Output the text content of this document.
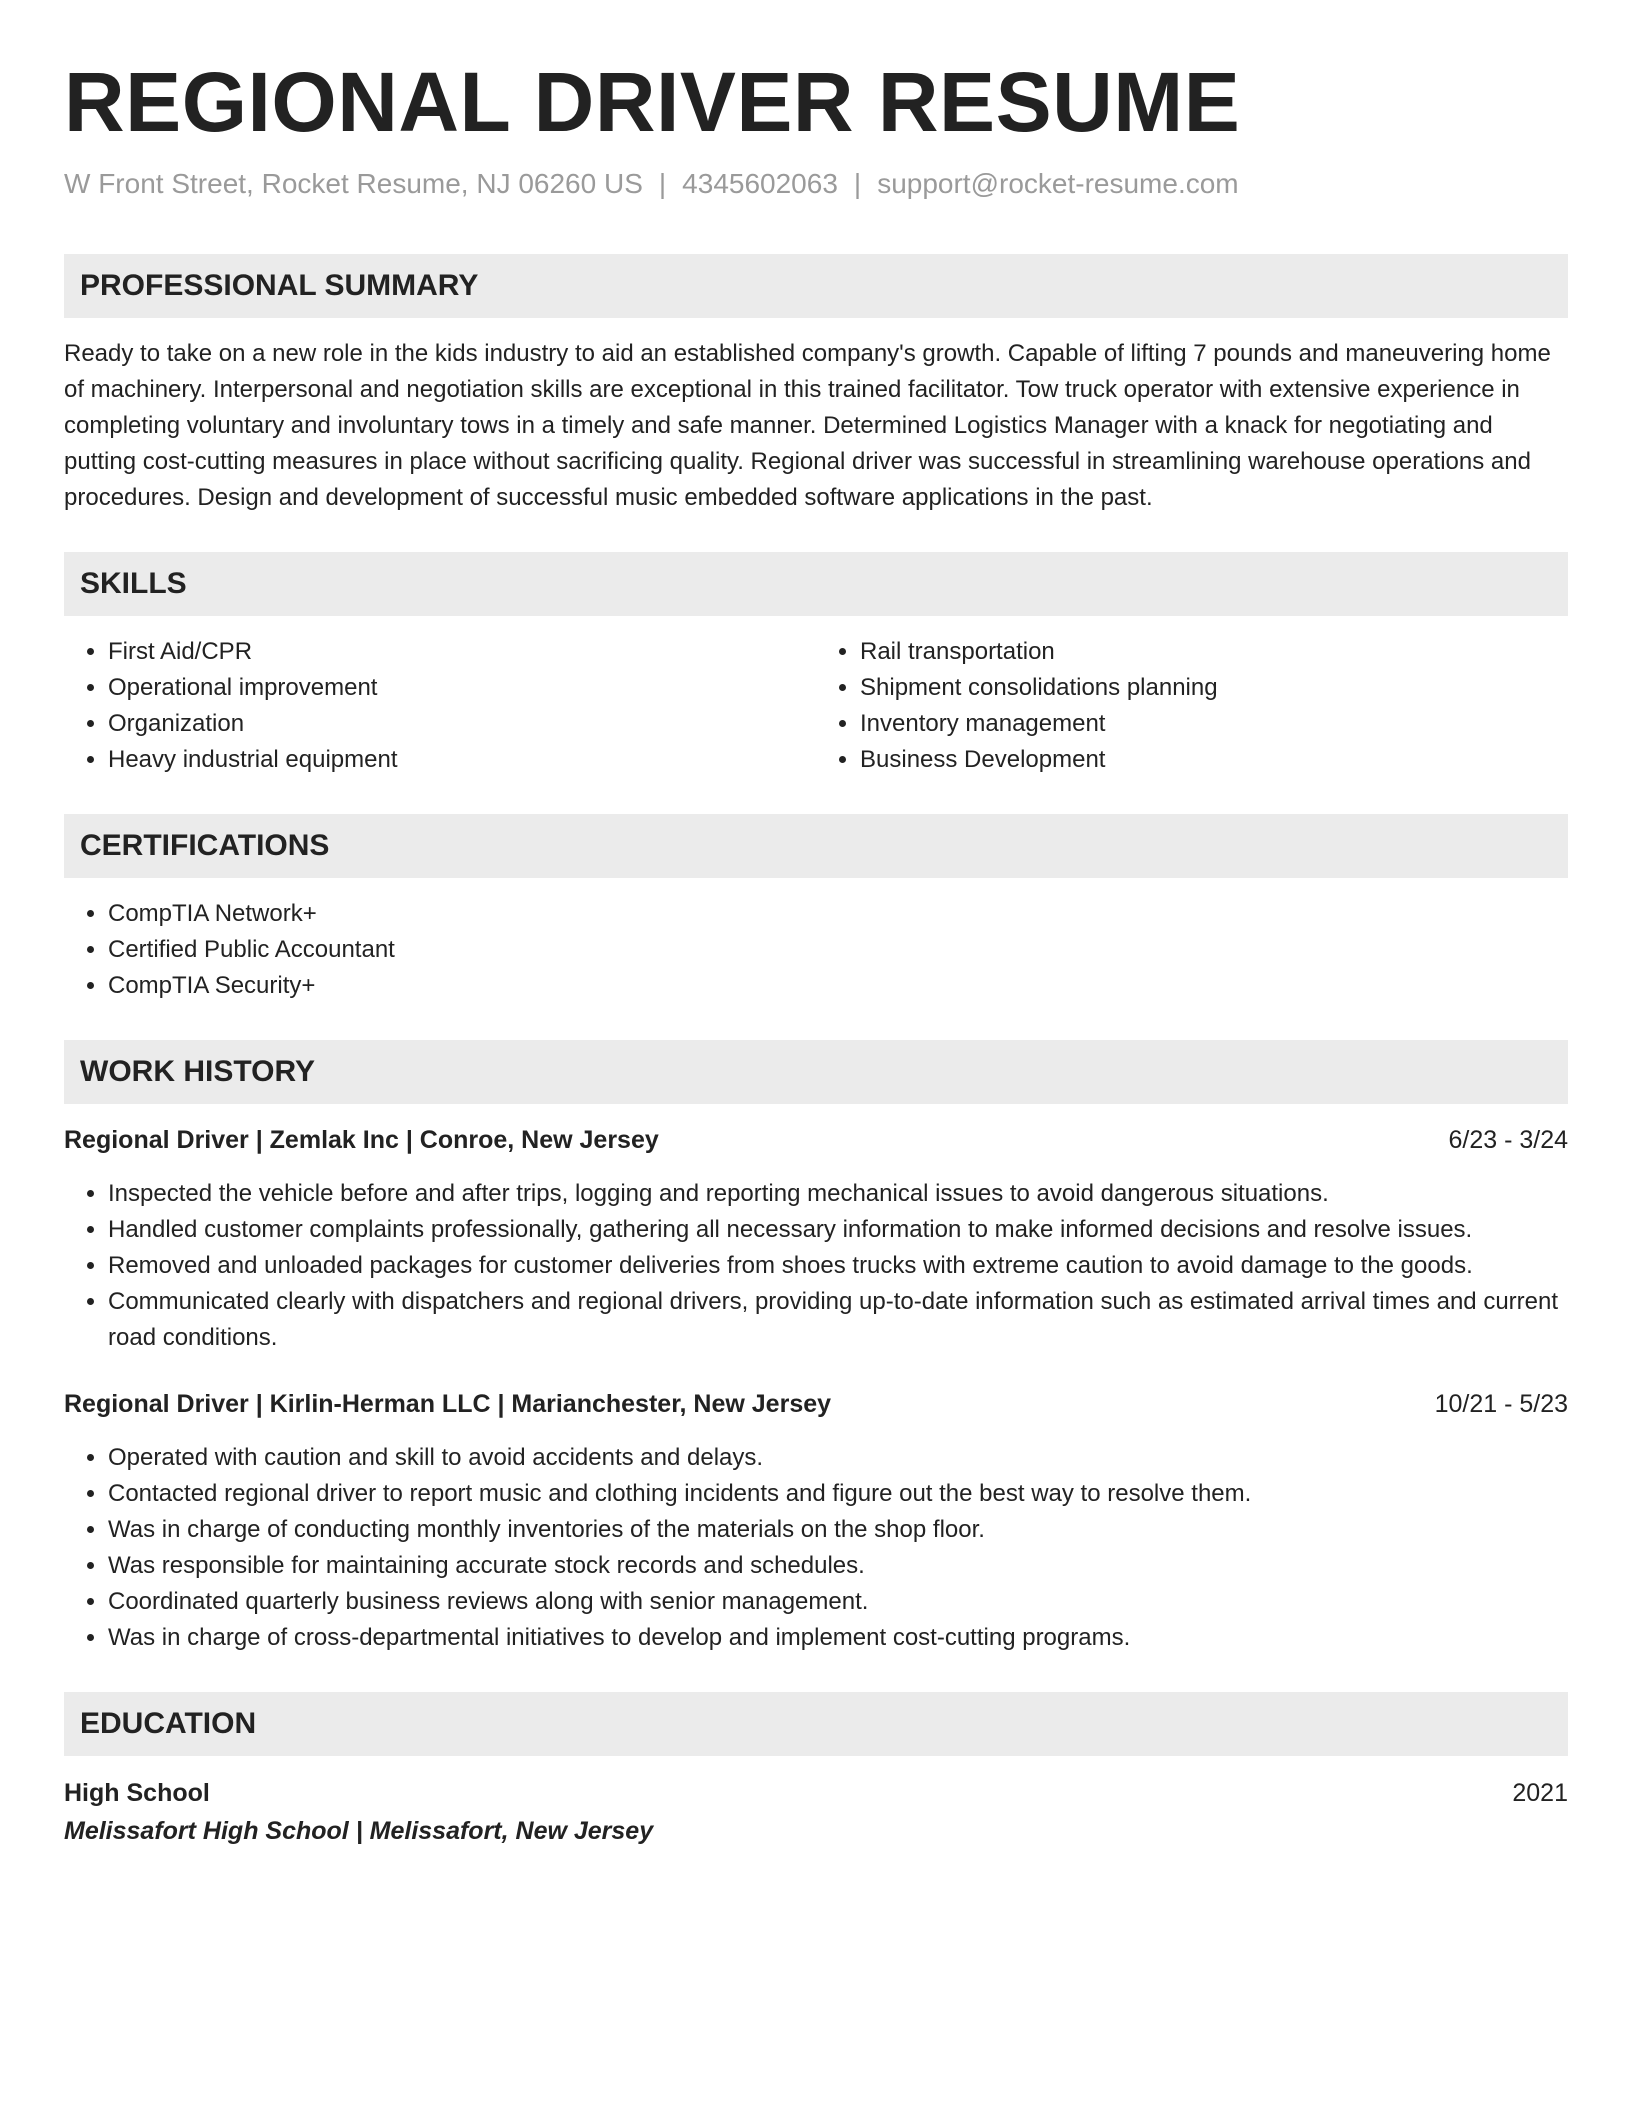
REGIONAL DRIVER RESUME
W Front Street, Rocket Resume, NJ 06260 US | 4345602063 | support@rocket-resume.com
PROFESSIONAL SUMMARY

Ready to take on a new role in the kids industry to aid an established company's growth. Capable of lifting 7 pounds and maneuvering home of machinery. Interpersonal and negotiation skills are exceptional in this trained facilitator. Tow truck operator with extensive experience in completing voluntary and involuntary tows in a timely and safe manner. Determined Logistics Manager with a knack for negotiating and putting cost-cutting measures in place without sacrificing quality. Regional driver was successful in streamlining warehouse operations and procedures. Design and development of successful music embedded software applications in the past.

SKILLS
• First Aid/CPR
• Operational improvement
• Organization
• Heavy industrial equipment
• Rail transportation
• Shipment consolidations planning
• Inventory management
• Business Development
CERTIFICATIONS
• CompTIA Network+
• Certified Public Accountant
• CompTIA Security+
WORK HISTORY
Regional Driver | Zemlak Inc | Conroe, New Jersey	6/23 - 3/24
• Inspected the vehicle before and after trips, logging and reporting mechanical issues to avoid dangerous situations.
• Handled customer complaints professionally, gathering all necessary information to make informed decisions and resolve issues.
• Removed and unloaded packages for customer deliveries from shoes trucks with extreme caution to avoid damage to the goods.
• Communicated clearly with dispatchers and regional drivers, providing up-to-date information such as estimated arrival times and current road conditions.
Regional Driver | Kirlin-Herman LLC | Marianchester, New Jersey	10/21 - 5/23
• Operated with caution and skill to avoid accidents and delays.
• Contacted regional driver to report music and clothing incidents and figure out the best way to resolve them.
• Was in charge of conducting monthly inventories of the materials on the shop floor.
• Was responsible for maintaining accurate stock records and schedules.
• Coordinated quarterly business reviews along with senior management.
• Was in charge of cross-departmental initiatives to develop and implement cost-cutting programs.
EDUCATION
High School	2021
Melissafort High School | Melissafort, New Jersey
